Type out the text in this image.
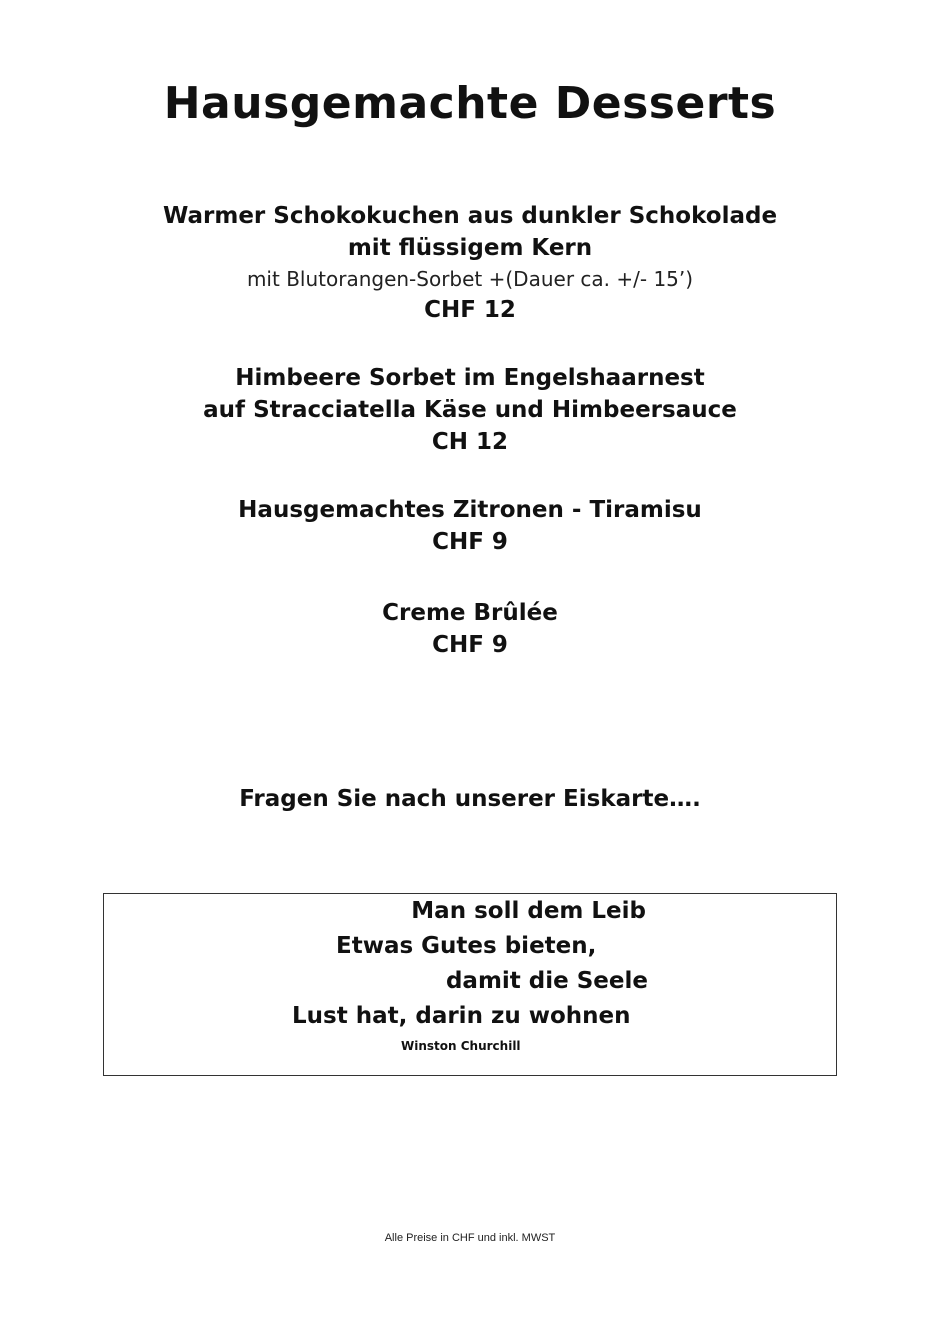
Hausgemachte Desserts
Warmer Schokokuchen aus dunkler Schokolade
mit flüssigem Kern
mit Blutorangen-Sorbet +(Dauer ca. +/- 15’)
CHF 12
Himbeere Sorbet im Engelshaarnest
auf Stracciatella Käse und Himbeersauce
CH 12
Hausgemachtes Zitronen - Tiramisu
CHF 9
Creme Brûlée
CHF 9
Fragen Sie nach unserer Eiskarte….
Man soll dem Leib
Etwas Gutes bieten,
damit die Seele
Lust hat, darin zu wohnen
Winston Churchill
Alle Preise in CHF und inkl. MWST
